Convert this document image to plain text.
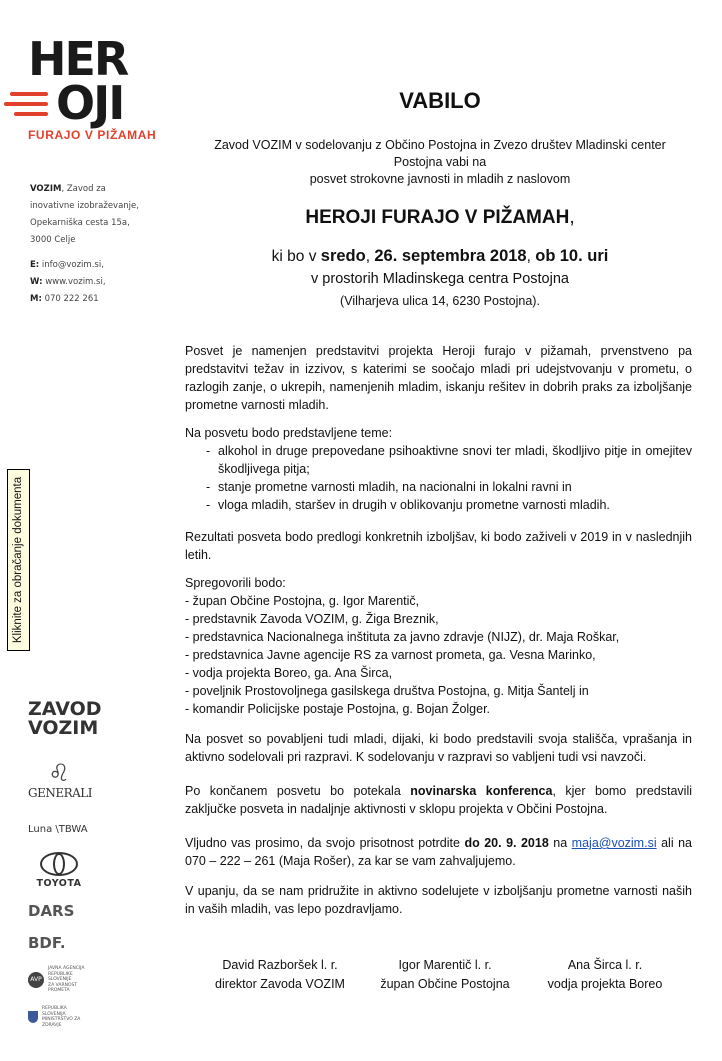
HER
OJI
FURAJO V PIŽAMAH
VOZIM, Zavod za
inovativne izobraževanje,
Opekarniška cesta 15a,
3000 Celje
E: info@vozim.si,
W: www.vozim.si,
M: 070 222 261
Kliknite za obračanje dokumenta
ZAVOD
VOZIM
♌
GENERALI
Luna \TBWA
TOYOTA
DARS
BDF.
AVP
JAVNA AGENCIJA
REPUBLIKE SLOVENIJE
ZA VARNOST PROMETA
REPUBLIKA SLOVENIJA
MINISTRSTVO ZA ZDRAVJE
VABILO
Zavod VOZIM v sodelovanju z Občino Postojna in Zvezo društev Mladinski center
Postojna vabi na
posvet strokovne javnosti in mladih z naslovom
HEROJI FURAJO V PIŽAMAH,
ki bo v sredo, 26. septembra 2018, ob 10. uri
v prostorih Mladinskega centra Postojna
(Vilharjeva ulica 14, 6230 Postojna).

Posvet je namenjen predstavitvi projekta Heroji furajo v pižamah, prvenstveno pa predstavitvi težav in izzivov, s katerimi se soočajo mladi pri udejstvovanju v prometu, o razlogih zanje, o ukrepih, namenjenih mladim, iskanju rešitev in dobrih praks za izboljšanje prometne varnosti mladih.

Na posvetu bodo predstavljene teme:
- alkohol in druge prepovedane psihoaktivne snovi ter mladi, škodljivo pitje in omejitev škodljivega pitja;
- stanje prometne varnosti mladih, na nacionalni in lokalni ravni in
- vloga mladih, staršev in drugih v oblikovanju prometne varnosti mladih.

Rezultati posveta bodo predlogi konkretnih izboljšav, ki bodo zaživeli v 2019 in v naslednjih letih.

Spregovorili bodo:
- župan Občine Postojna, g. Igor Marentič,
- predstavnik Zavoda VOZIM, g. Žiga Breznik,
- predstavnica Nacionalnega inštituta za javno zdravje (NIJZ), dr. Maja Roškar,
- predstavnica Javne agencije RS za varnost prometa, ga. Vesna Marinko,
- vodja projekta Boreo, ga. Ana Širca,
- poveljnik Prostovoljnega gasilskega društva Postojna, g. Mitja Šantelj in
- komandir Policijske postaje Postojna, g. Bojan Žolger.

Na posvet so povabljeni tudi mladi, dijaki, ki bodo predstavili svoja stališča, vprašanja in aktivno sodelovali pri razpravi. K sodelovanju v razpravi so vabljeni tudi vsi navzoči.

Po končanem posvetu bo potekala novinarska konferenca, kjer bomo predstavili zaključke posveta in nadaljnje aktivnosti v sklopu projekta v Občini Postojna.

Vljudno vas prosimo, da svojo prisotnost potrdite do 20. 9. 2018 na maja@vozim.si ali na 070 – 222 – 261 (Maja Rošer), za kar se vam zahvaljujemo.

V upanju, da se nam pridružite in aktivno sodelujete v izboljšanju prometne varnosti naših in vaših mladih, vas lepo pozdravljamo.

David Razboršek l. r.
direktor Zavoda VOZIM
Igor Marentič l. r.
župan Občine Postojna
Ana Širca l. r.
vodja projekta Boreo
